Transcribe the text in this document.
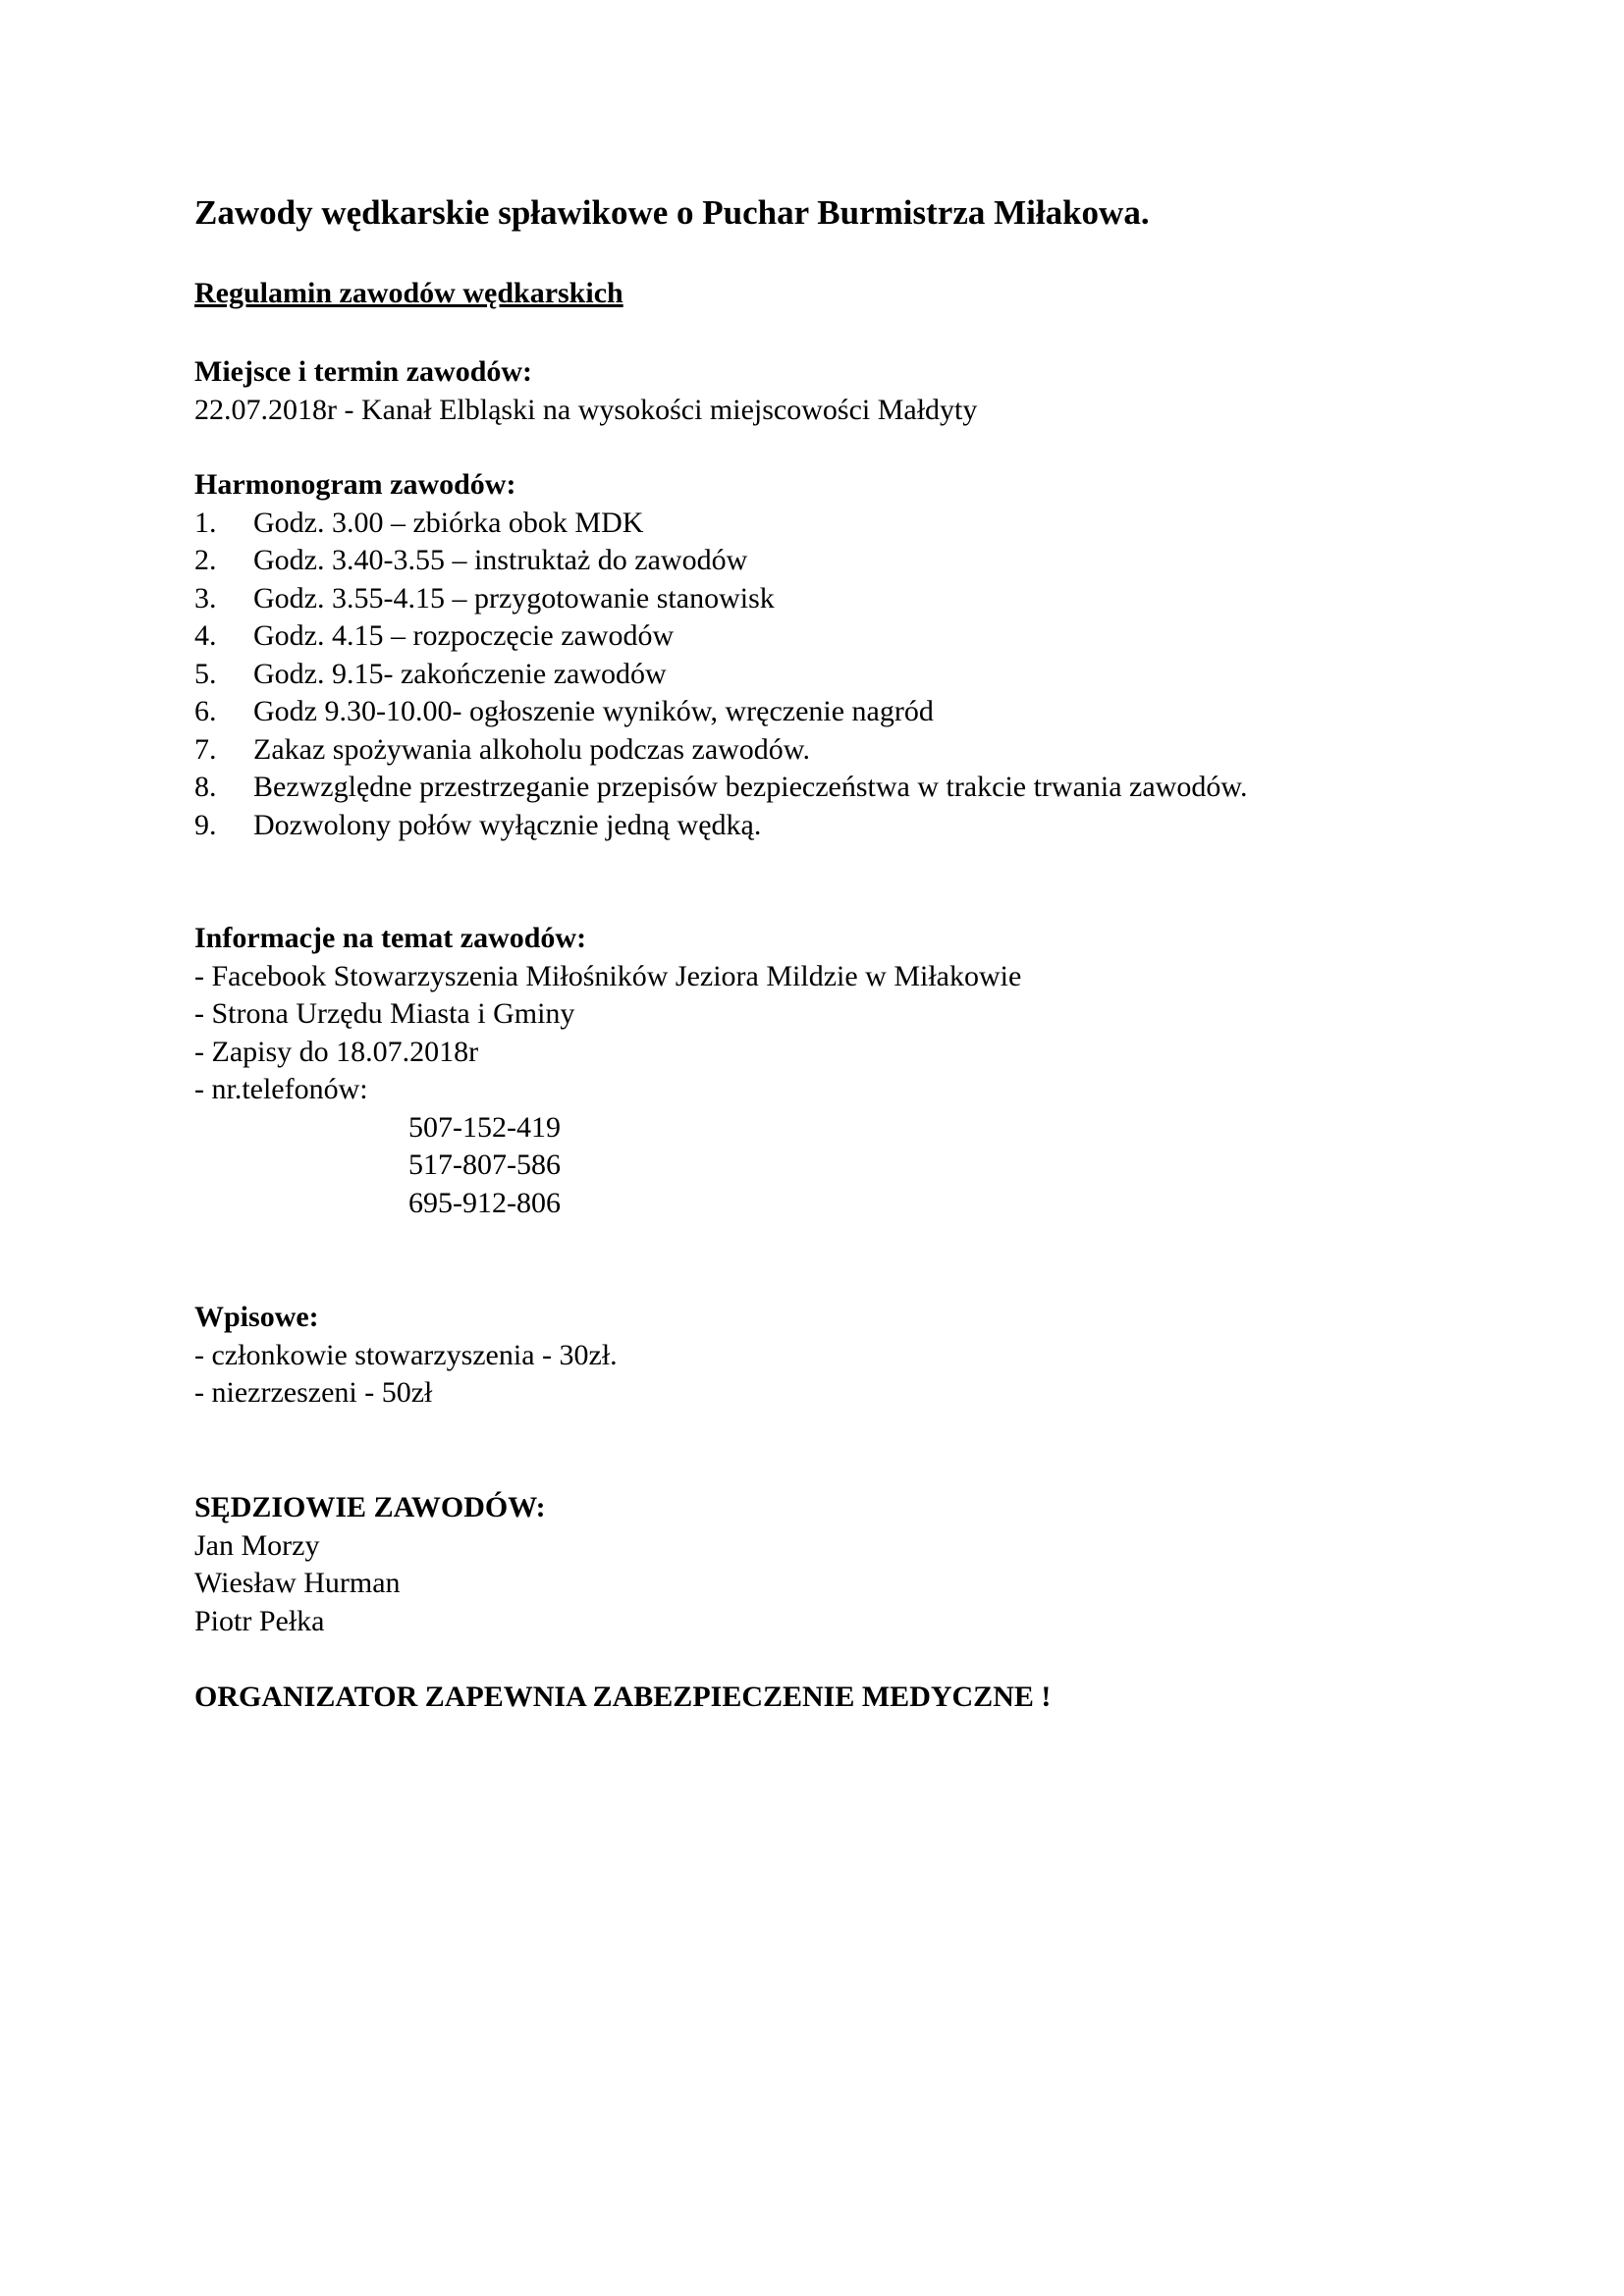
Zawody wędkarskie spławikowe o Puchar Burmistrza Miłakowa.
Regulamin zawodów wędkarskich
Miejsce i termin zawodów:
22.07.2018r - Kanał Elbląski na wysokości miejscowości Małdyty
Harmonogram zawodów:
1. Godz. 3.00 – zbiórka obok MDK
2. Godz. 3.40-3.55 – instruktaż do zawodów
3. Godz. 3.55-4.15 – przygotowanie stanowisk
4. Godz. 4.15 – rozpoczęcie zawodów
5. Godz. 9.15- zakończenie zawodów
6. Godz 9.30-10.00- ogłoszenie wyników, wręczenie nagród
7. Zakaz spożywania alkoholu podczas zawodów.
8. Bezwzględne przestrzeganie przepisów bezpieczeństwa w trakcie trwania zawodów.
9. Dozwolony połów wyłącznie jedną wędką.
Informacje na temat zawodów:
- Facebook Stowarzyszenia Miłośników Jeziora Mildzie w Miłakowie
- Strona Urzędu Miasta i Gminy
- Zapisy do 18.07.2018r
- nr.telefonów:
507-152-419
517-807-586
695-912-806
Wpisowe:
- członkowie stowarzyszenia - 30zł.
- niezrzeszeni - 50zł
SĘDZIOWIE ZAWODÓW:
Jan Morzy
Wiesław Hurman
Piotr Pełka
ORGANIZATOR ZAPEWNIA ZABEZPIECZENIE MEDYCZNE !
